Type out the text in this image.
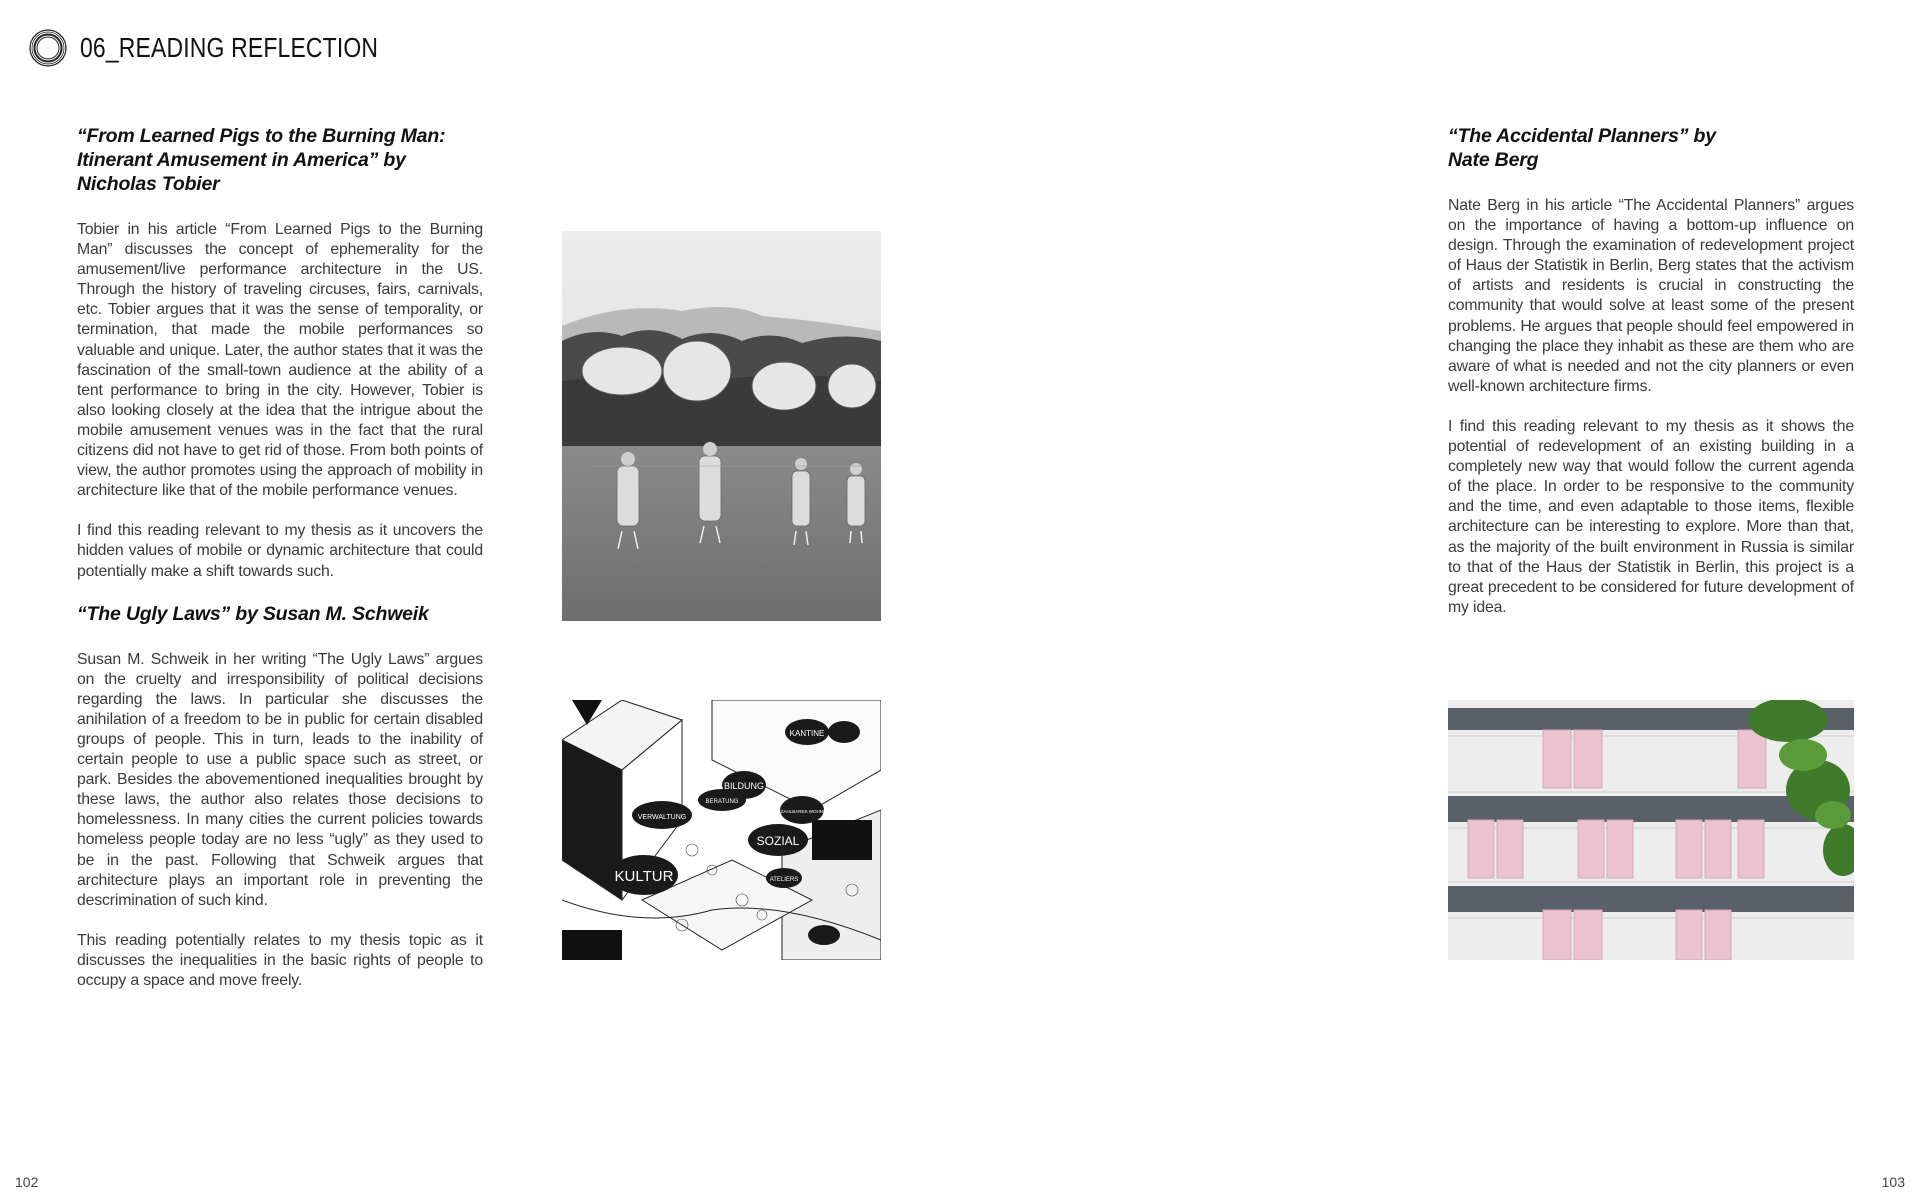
06_READING REFLECTION
“From Learned Pigs to the Burning Man:
Itinerant Amusement in America” by
Nicholas Tobier

Tobier in his article “From Learned Pigs to the Burning Man” discusses the concept of ephemerality for the amusement/live performance architecture in the US. Through the history of traveling circuses, fairs, carnivals, etc. Tobier argues that it was the sense of temporality, or termination, that made the mobile performances so valuable and unique. Later, the author states that it was the fascination of the small-town audience at the ability of a tent performance to bring in the city. However, Tobier is also looking closely at the idea that the intrigue about the mobile amusement venues was in the fact that the rural citizens did not have to get rid of those. From both points of view, the author promotes using the approach of mobility in architecture like that of the mobile performance venues.

I find this reading relevant to my thesis as it uncovers the hidden values of mobile or dynamic architecture that could potentially make a shift towards such.

“The Ugly Laws” by Susan M. Schweik

Susan M. Schweik in her writing “The Ugly Laws” argues on the cruelty and irresponsibility of political decisions regarding the laws. In particular she discusses the anihilation of a freedom to be in public for certain disabled groups of people. This in turn, leads to the inability of certain people to use a public space such as street, or park. Besides the abovementioned inequalities brought by these laws, the author also relates those decisions to homelessness. In many cities the current policies towards homeless people today are no less “ugly” as they used to be in the past. Following that Schweik argues that architecture plays an important role in preventing the descrimination of such kind.

This reading potentially relates to my thesis topic as it discusses the inequalities in the basic rights of people to occupy a space and move freely.

“The Accidental Planners” by
Nate Berg

Nate Berg in his article “The Accidental Planners” argues on the importance of having a bottom-up influence on design. Through the examination of redevelopment project of Haus der Statistik in Berlin, Berg states that the activism of artists and residents is crucial in constructing the community that would solve at least some of the present problems. He argues that people should feel empowered in changing the place they inhabit as these are them who are aware of what is needed and not the city planners or even well-known architecture firms.

I find this reading relevant to my thesis as it shows the potential of redevelopment of an existing building in a completely new way that would follow the current agenda of the place. In order to be responsive to the community and the time, and even adaptable to those items, flexible architecture can be interesting to explore. More than that, as the majority of the built environment in Russia is similar to that of the Haus der Statistik in Berlin, this project is a great precedent to be considered for future development of my idea.

KANTINE
BILDUNG
SOZIAL
KULTUR
VERWALTUNG
BERATUNG
BEZAHLBARES WOHNEN
ATELIERS
102	103
